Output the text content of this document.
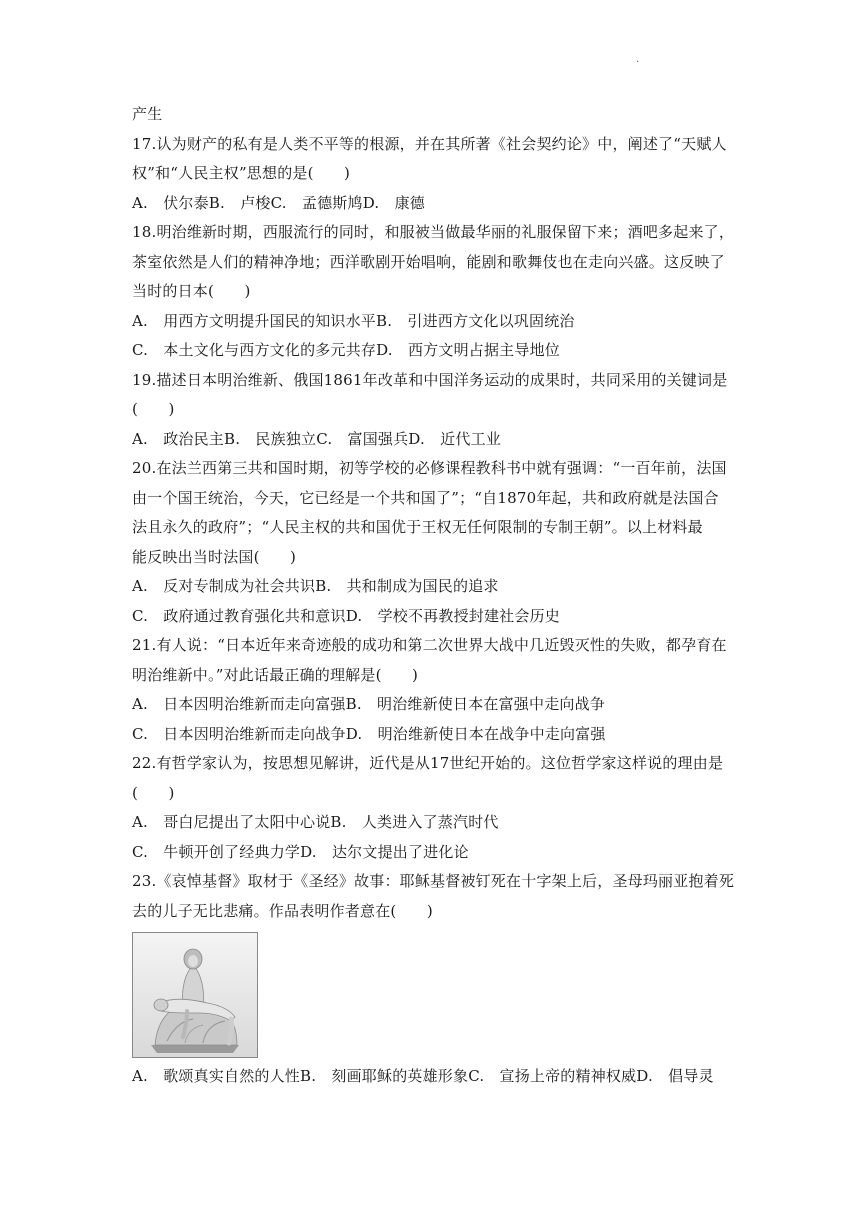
.
产生
17.认为财产的私有是人类不平等的根源，并在其所著《社会契约论》中，阐述了“天赋人
权”和“人民主权”思想的是(　　)
A.　伏尔泰B.　卢梭C.　孟德斯鸠D.　康德
18.明治维新时期，西服流行的同时，和服被当做最华丽的礼服保留下来；酒吧多起来了，
茶室依然是人们的精神净地；西洋歌剧开始唱响，能剧和歌舞伎也在走向兴盛。这反映了
当时的日本(　　)
A.　用西方文明提升国民的知识水平B.　引进西方文化以巩固统治
C.　本土文化与西方文化的多元共存D.　西方文明占据主导地位
19.描述日本明治维新、俄国1861年改革和中国洋务运动的成果时，共同采用的关键词是
(　　)
A.　政治民主B.　民族独立C.　富国强兵D.　近代工业
20.在法兰西第三共和国时期，初等学校的必修课程教科书中就有强调：“一百年前，法国
由一个国王统治，今天，它已经是一个共和国了”；“自1870年起，共和政府就是法国合
法且永久的政府”；“人民主权的共和国优于王权无任何限制的专制王朝”。以上材料最
能反映出当时法国(　　)
A.　反对专制成为社会共识B.　共和制成为国民的追求
C.　政府通过教育强化共和意识D.　学校不再教授封建社会历史
21.有人说：“日本近年来奇迹般的成功和第二次世界大战中几近毁灭性的失败，都孕育在
明治维新中。”对此话最正确的理解是(　　)
A.　日本因明治维新而走向富强B.　明治维新使日本在富强中走向战争
C.　日本因明治维新而走向战争D.　明治维新使日本在战争中走向富强
22.有哲学家认为，按思想见解讲，近代是从17世纪开始的。这位哲学家这样说的理由是
(　　)
A.　哥白尼提出了太阳中心说B.　人类进入了蒸汽时代
C.　牛顿开创了经典力学D.　达尔文提出了进化论
23.《哀悼基督》取材于《圣经》故事：耶稣基督被钉死在十字架上后，圣母玛丽亚抱着死
去的儿子无比悲痛。作品表明作者意在(　　)
A.　歌颂真实自然的人性B.　刻画耶稣的英雄形象C.　宣扬上帝的精神权威D.　倡导灵
